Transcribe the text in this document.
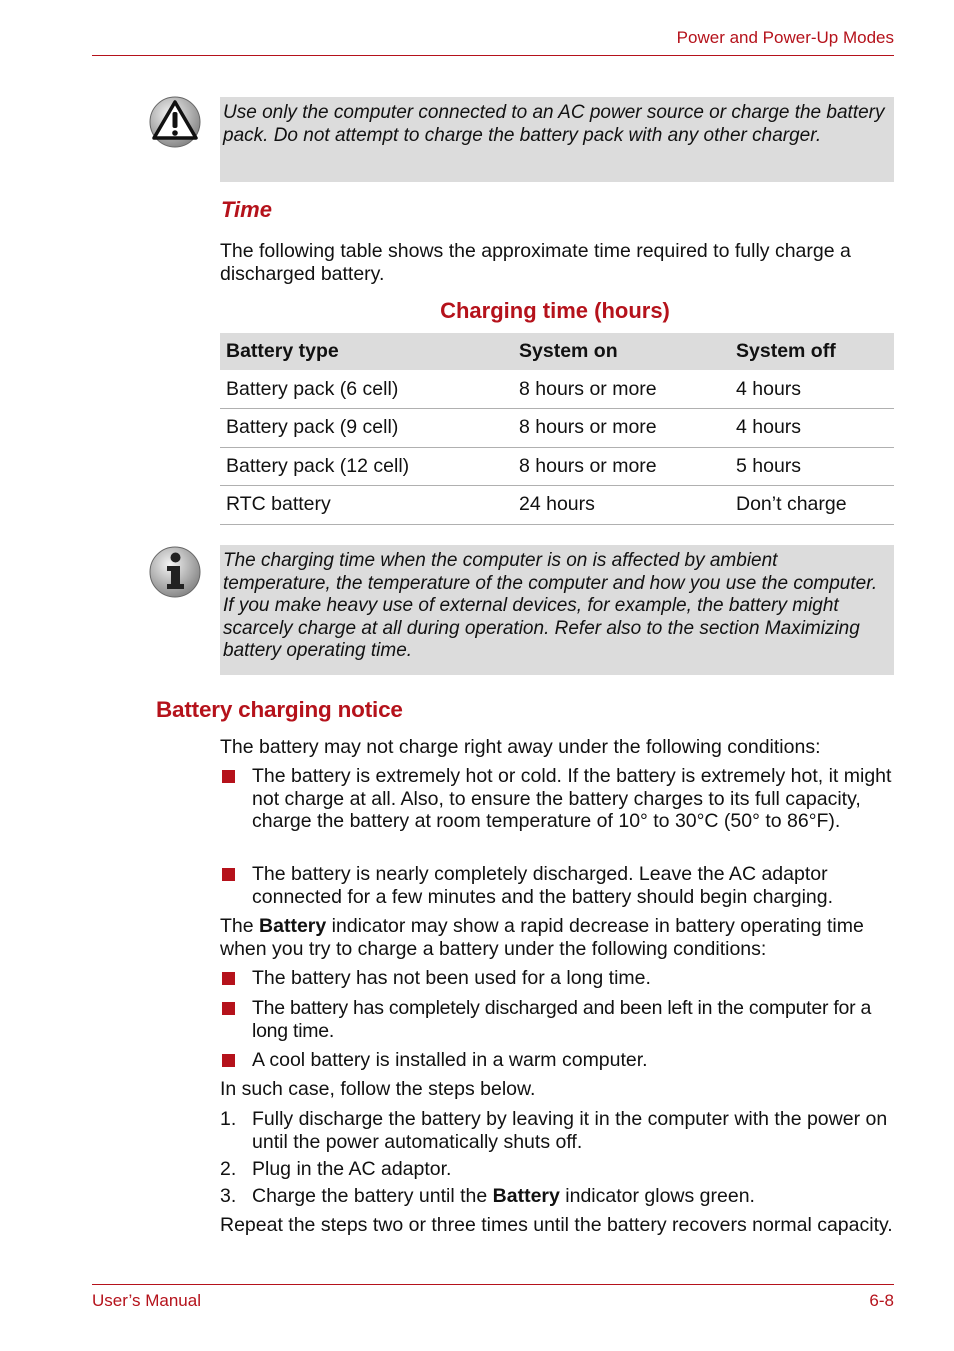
Power and Power-Up Modes
Use only the computer connected to an AC power source or charge the battery pack. Do not attempt to charge the battery pack with any other charger.
Time
The following table shows the approximate time required to fully charge a discharged battery.
Charging time (hours)
Battery type	System on	System off
Battery pack (6 cell)	8 hours or more	4 hours
Battery pack (9 cell)	8 hours or more	4 hours
Battery pack (12 cell)	8 hours or more	5 hours
RTC battery	24 hours	Don’t charge
The charging time when the computer is on is affected by ambient temperature, the temperature of the computer and how you use the computer. If you make heavy use of external devices, for example, the battery might scarcely charge at all during operation. Refer also to the section Maximizing battery operating time.
Battery charging notice
The battery may not charge right away under the following conditions:
The battery is extremely hot or cold. If the battery is extremely hot, it might not charge at all. Also, to ensure the battery charges to its full capacity, charge the battery at room temperature of 10° to 30°C (50° to 86°F).
The battery is nearly completely discharged. Leave the AC adaptor connected for a few minutes and the battery should begin charging.
The Battery indicator may show a rapid decrease in battery operating time when you try to charge a battery under the following conditions:
The battery has not been used for a long time.
The battery has completely discharged and been left in the computer for a long time.
A cool battery is installed in a warm computer.
In such case, follow the steps below.
1. Fully discharge the battery by leaving it in the computer with the power on until the power automatically shuts off.
2. Plug in the AC adaptor.
3. Charge the battery until the Battery indicator glows green.
Repeat the steps two or three times until the battery recovers normal capacity.
User’s Manual	6-8
